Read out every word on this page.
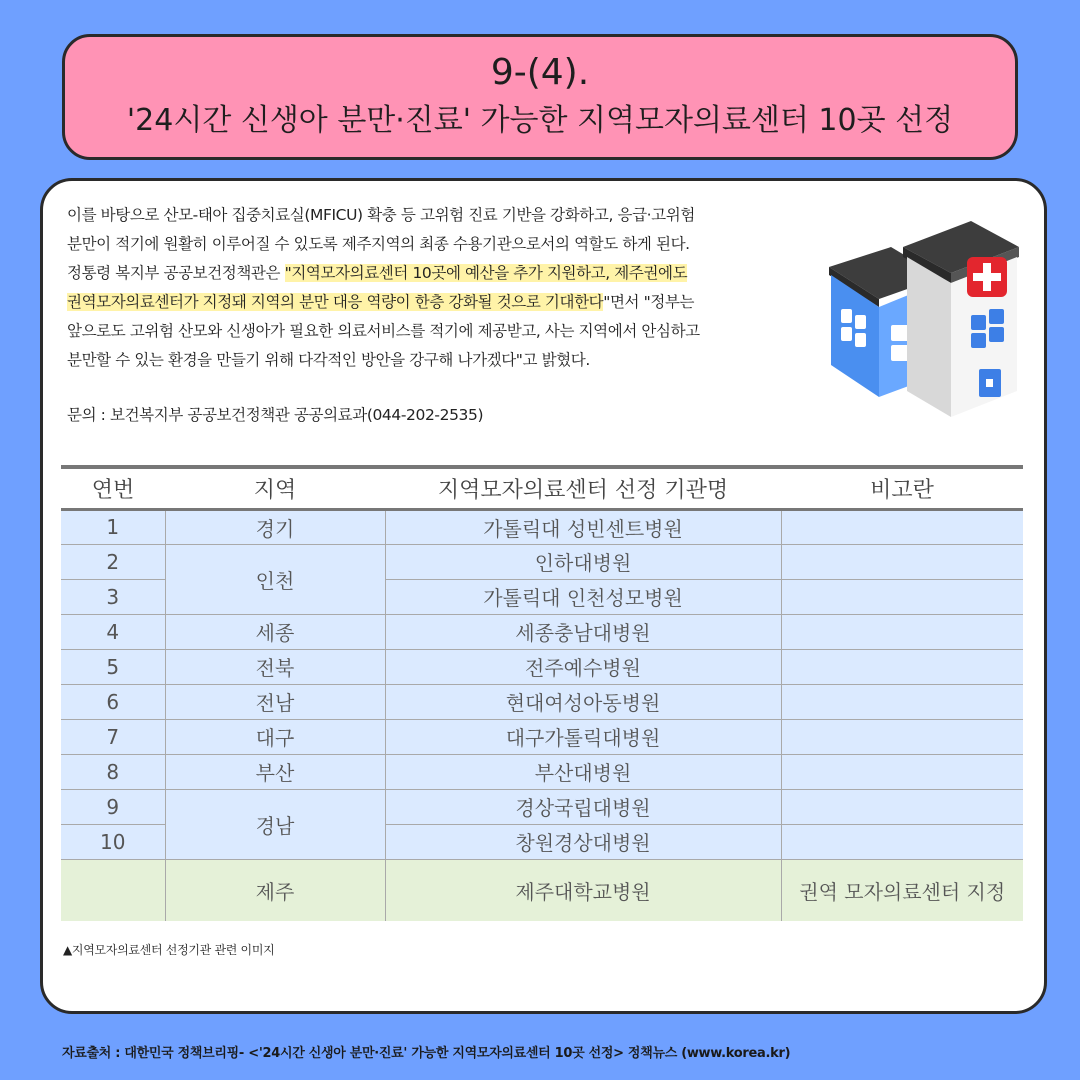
9-(4).
'24시간 신생아 분만·진료' 가능한 지역모자의료센터 10곳 선정

이를 바탕으로 산모-태아 집중치료실(MFICU) 확충 등 고위험 진료 기반을 강화하고, 응급·고위험

분만이 적기에 원활히 이루어질 수 있도록 제주지역의 최종 수용기관으로서의 역할도 하게 된다.

정통령 복지부 공공보건정책관은 "지역모자의료센터 10곳에 예산을 추가 지원하고, 제주권에도

권역모자의료센터가 지정돼 지역의 분만 대응 역량이 한층 강화될 것으로 기대한다"면서 "정부는

앞으로도 고위험 산모와 신생아가 필요한 의료서비스를 적기에 제공받고, 사는 지역에서 안심하고

분만할 수 있는 환경을 만들기 위해 다각적인 방안을 강구해 나가겠다"고 밝혔다.

문의 : 보건복지부 공공보건정책관 공공의료과(044-202-2535)
연번	지역	지역모자의료센터 선정 기관명	비고란
1	경기	가톨릭대 성빈센트병원	
2	인천	인하대병원	
3		가톨릭대 인천성모병원	
4	세종	세종충남대병원	
5	전북	전주예수병원	
6	전남	현대여성아동병원	
7	대구	대구가톨릭대병원	
8	부산	부산대병원	
9	경남	경상국립대병원	
10		창원경상대병원	
	제주	제주대학교병원	권역 모자의료센터 지정
▲지역모자의료센터 선정기관 관련 이미지
자료출처 : 대한민국 정책브리핑- <'24시간 신생아 분만·진료' 가능한 지역모자의료센터 10곳 선정> 정책뉴스 (www.korea.kr)
